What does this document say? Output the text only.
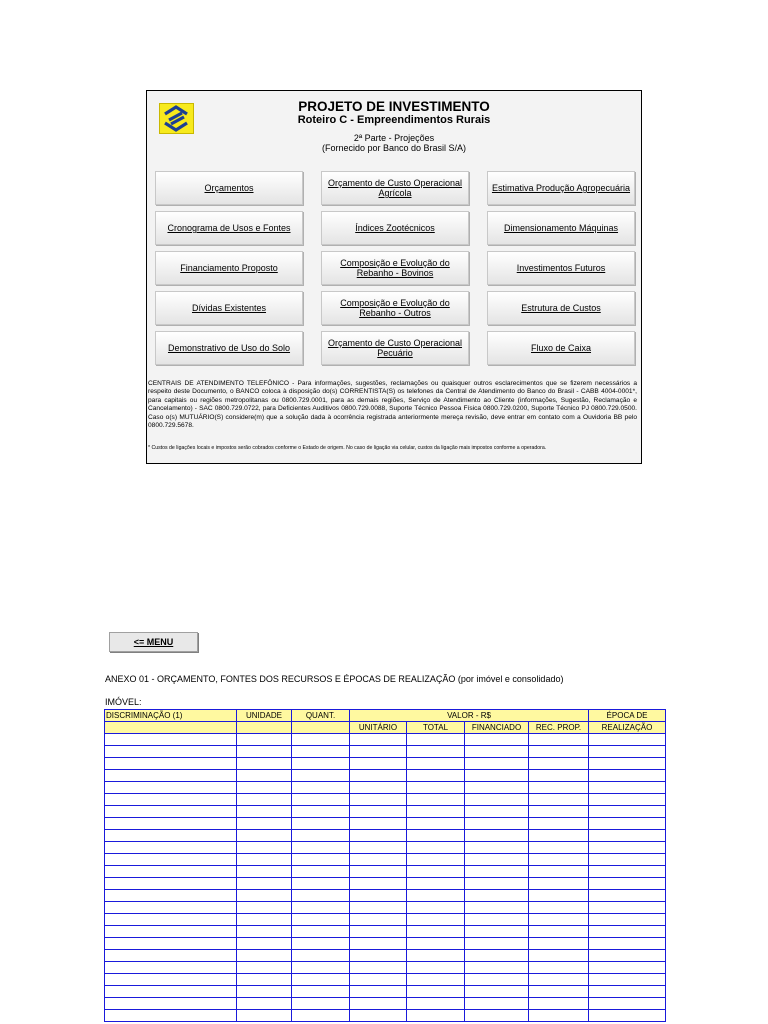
PROJETO DE INVESTIMENTO
Roteiro C - Empreendimentos Rurais
2ª Parte - Projeções
(Fornecido por Banco do Brasil S/A)
Orçamentos	Orçamento de Custo Operacional Agrícola	Estimativa Produção Agropecuária
Cronograma de Usos e Fontes	Índices Zootécnicos	Dimensionamento Máquinas
Financiamento Proposto	Composição e Evolução do Rebanho - Bovinos	Investimentos Futuros
Dívidas Existentes	Composição e Evolução do Rebanho - Outros	Estrutura de Custos
Demonstrativo de Uso do Solo	Orçamento de Custo Operacional Pecuário	Fluxo de Caixa
CENTRAIS DE ATENDIMENTO TELEFÔNICO - Para informações, sugestões, reclamações ou quaisquer outros esclarecimentos que se fizerem necessários a respeito deste Documento, o BANCO coloca à disposição do(s) CORRENTISTA(S) os telefones da Central de Atendimento do Banco do Brasil - CABB 4004-0001*, para capitais ou regiões metropolitanas ou 0800.729.0001, para as demais regiões, Serviço de Atendimento ao Cliente (informações, Sugestão, Reclamação e Cancelamento) - SAC 0800.729.0722, para Deficientes Auditivos 0800.729.0088, Suporte Técnico Pessoa Física 0800.729.0200, Suporte Técnico PJ 0800.729.0500. Caso o(s) MUTUÁRIO(S) considere(m) que a solução dada à ocorrência registrada anteriormente mereça revisão, deve entrar em contato com a Ouvidoria BB pelo 0800.729.5678.
* Custos de ligações locais e impostos serão cobrados conforme o Estado de origem. No caso de ligação via celular, custos da ligação mais impostos conforme a operadora.
<= MENU
ANEXO 01 - ORÇAMENTO, FONTES DOS RECURSOS E ÉPOCAS DE REALIZAÇÃO (por imóvel e consolidado)
IMÓVEL:
DISCRIMINAÇÃO (1)	UNIDADE	QUANT.	VALOR - R$				ÉPOCA DE
			UNITÁRIO	TOTAL	FINANCIADO	REC. PROP.	REALIZAÇÃO
